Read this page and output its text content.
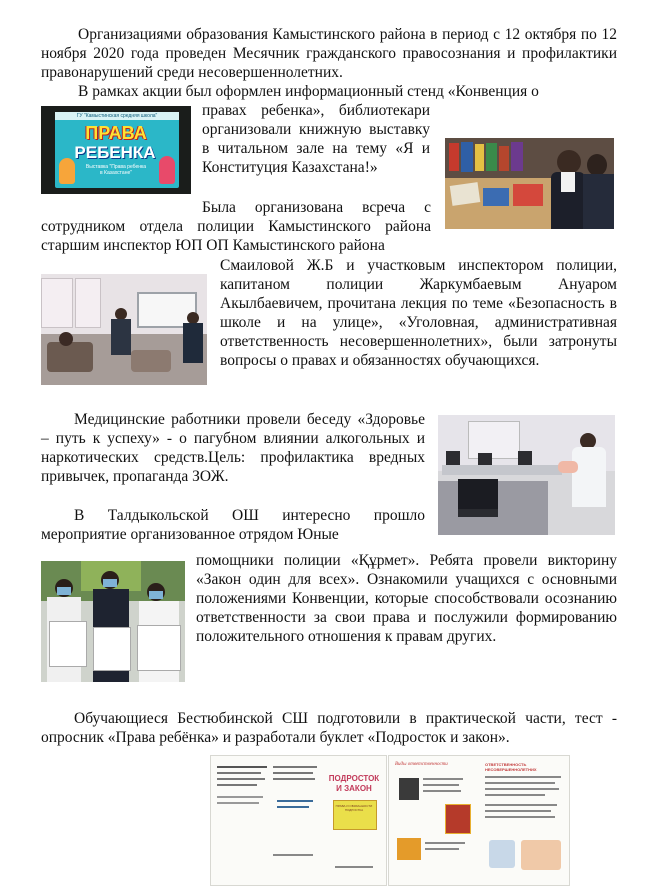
Организациями образования Камыстинского района в период с 12 октября по 12 ноября 2020 года проведен Месячник гражданского правосознания и профилактики правонарушений среди несовершеннолетних.

В рамках акции был оформлен информационный стенд «Конвенция о

правах ребенка», библиотекари организовали книжную выставку в читальном зале на тему «Я и Конституция Казахстана!»

Была организована всреча с сотрудником отдела полиции Камыстинского района старшим инспектор ЮП ОП Камыстинского района

Смаиловой Ж.Б и участковым инспектором полиции, капитаном полиции Жаркумбаевым Ануаром Акылбаевичем, прочитана лекция по теме «Безопасность в школе и на улице», «Уголовная, административная ответственность несовершеннолетних», были затронуты вопросы о правах и обязанностях обучающихся.

Медицинские работники провели беседу «Здоровье – путь к успеху» - о пагубном влиянии алкогольных и наркотических средств.Цель: профилактика вредных привычек, пропаганда ЗОЖ.

В Талдыкольской ОШ интересно прошло мероприятие организованное отрядом Юные

помощники полиции «Құрмет». Ребята провели викторину «Закон один для всех». Ознакомили учащихся с основными положениями Конвенции, которые способствовали осознанию ответственности за свои права и послужили формированию положительного отношения к правам других.

Обучающиеся Бестюбинской СШ подготовили в практической части, тест - опросник «Права ребёнка» и разработали буклет «Подросток и закон».

ГУ "Камыстинская средняя школа"
ПРАВА
РЕБЕНКА
Выставка "Права ребенка в Казахстане"
ПОДРОСТОК И ЗАКОН
ПРАВА И ОБЯЗАННОСТИ ПОДРОСТКА
Виды ответственности	ОТВЕТСТВЕННОСТЬ НЕСОВЕРШЕННОЛЕТНИХ
